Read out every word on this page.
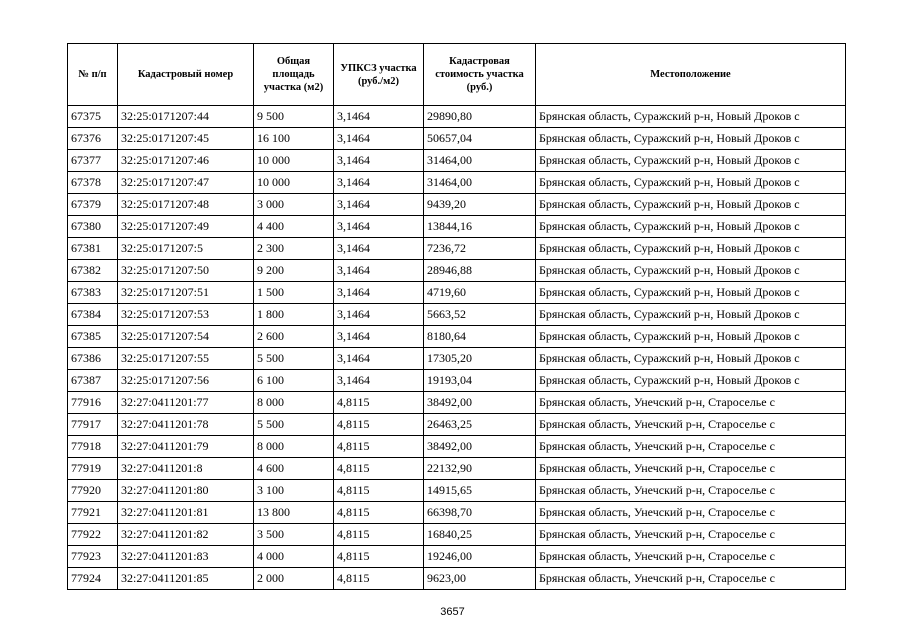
№ п/п	Кадастровый номер	Общая площадь участка (м2)	УПКСЗ участка (руб./м2)	Кадастровая стоимость участка (руб.)	Местоположение
67375	32:25:0171207:44	9 500	3,1464	29890,80	Брянская область, Суражский р-н, Новый Дроков с
67376	32:25:0171207:45	16 100	3,1464	50657,04	Брянская область, Суражский р-н, Новый Дроков с
67377	32:25:0171207:46	10 000	3,1464	31464,00	Брянская область, Суражский р-н, Новый Дроков с
67378	32:25:0171207:47	10 000	3,1464	31464,00	Брянская область, Суражский р-н, Новый Дроков с
67379	32:25:0171207:48	3 000	3,1464	9439,20	Брянская область, Суражский р-н, Новый Дроков с
67380	32:25:0171207:49	4 400	3,1464	13844,16	Брянская область, Суражский р-н, Новый Дроков с
67381	32:25:0171207:5	2 300	3,1464	7236,72	Брянская область, Суражский р-н, Новый Дроков с
67382	32:25:0171207:50	9 200	3,1464	28946,88	Брянская область, Суражский р-н, Новый Дроков с
67383	32:25:0171207:51	1 500	3,1464	4719,60	Брянская область, Суражский р-н, Новый Дроков с
67384	32:25:0171207:53	1 800	3,1464	5663,52	Брянская область, Суражский р-н, Новый Дроков с
67385	32:25:0171207:54	2 600	3,1464	8180,64	Брянская область, Суражский р-н, Новый Дроков с
67386	32:25:0171207:55	5 500	3,1464	17305,20	Брянская область, Суражский р-н, Новый Дроков с
67387	32:25:0171207:56	6 100	3,1464	19193,04	Брянская область, Суражский р-н, Новый Дроков с
77916	32:27:0411201:77	8 000	4,8115	38492,00	Брянская область, Унечский р-н, Староселье с
77917	32:27:0411201:78	5 500	4,8115	26463,25	Брянская область, Унечский р-н, Староселье с
77918	32:27:0411201:79	8 000	4,8115	38492,00	Брянская область, Унечский р-н, Староселье с
77919	32:27:0411201:8	4 600	4,8115	22132,90	Брянская область, Унечский р-н, Староселье с
77920	32:27:0411201:80	3 100	4,8115	14915,65	Брянская область, Унечский р-н, Староселье с
77921	32:27:0411201:81	13 800	4,8115	66398,70	Брянская область, Унечский р-н, Староселье с
77922	32:27:0411201:82	3 500	4,8115	16840,25	Брянская область, Унечский р-н, Староселье с
77923	32:27:0411201:83	4 000	4,8115	19246,00	Брянская область, Унечский р-н, Староселье с
77924	32:27:0411201:85	2 000	4,8115	9623,00	Брянская область, Унечский р-н, Староселье с
3657
